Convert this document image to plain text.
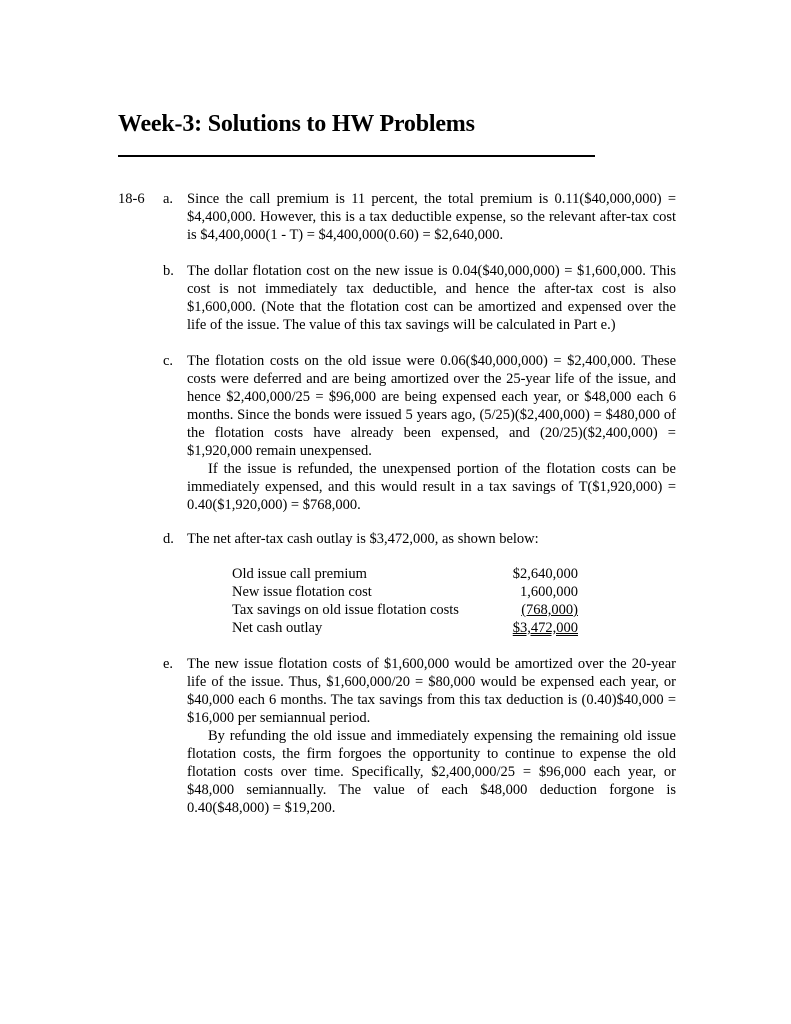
Week-3: Solutions to HW Problems
18-6 a. Since the call premium is 11 percent, the total premium is 0.11($40,000,000) = $4,400,000. However, this is a tax deductible expense, so the relevant after-tax cost is $4,400,000(1 - T) = $4,400,000(0.60) = $2,640,000.

b. The dollar flotation cost on the new issue is 0.04($40,000,000) = $1,600,000. This cost is not immediately tax deductible, and hence the after-tax cost is also $1,600,000. (Note that the flotation cost can be amortized and expensed over the life of the issue. The value of this tax savings will be calculated in Part e.)

c. The flotation costs on the old issue were 0.06($40,000,000) = $2,400,000. These costs were deferred and are being amortized over the 25-year life of the issue, and hence $2,400,000/25 = $96,000 are being expensed each year, or $48,000 each 6 months. Since the bonds were issued 5 years ago, (5/25)($2,400,000) = $480,000 of the flotation costs have already been expensed, and (20/25)($2,400,000) = $1,920,000 remain unexpensed.

If the issue is refunded, the unexpensed portion of the flotation costs can be immediately expensed, and this would result in a tax savings of T($1,920,000) = 0.40($1,920,000) = $768,000.

d. The net after-tax cash outlay is $3,472,000, as shown below:

Old issue call premium	$2,640,000
New issue flotation cost	1,600,000
Tax savings on old issue flotation costs	(768,000)
Net cash outlay	$3,472,000
e. The new issue flotation costs of $1,600,000 would be amortized over the 20-year life of the issue. Thus, $1,600,000/20 = $80,000 would be expensed each year, or $40,000 each 6 months. The tax savings from this tax deduction is (0.40)$40,000 = $16,000 per semiannual period.

By refunding the old issue and immediately expensing the remaining old issue flotation costs, the firm forgoes the opportunity to continue to expense the old flotation costs over time. Specifically, $2,400,000/25 = $96,000 each year, or $48,000 semiannually. The value of each $48,000 deduction forgone is 0.40($48,000) = $19,200.
